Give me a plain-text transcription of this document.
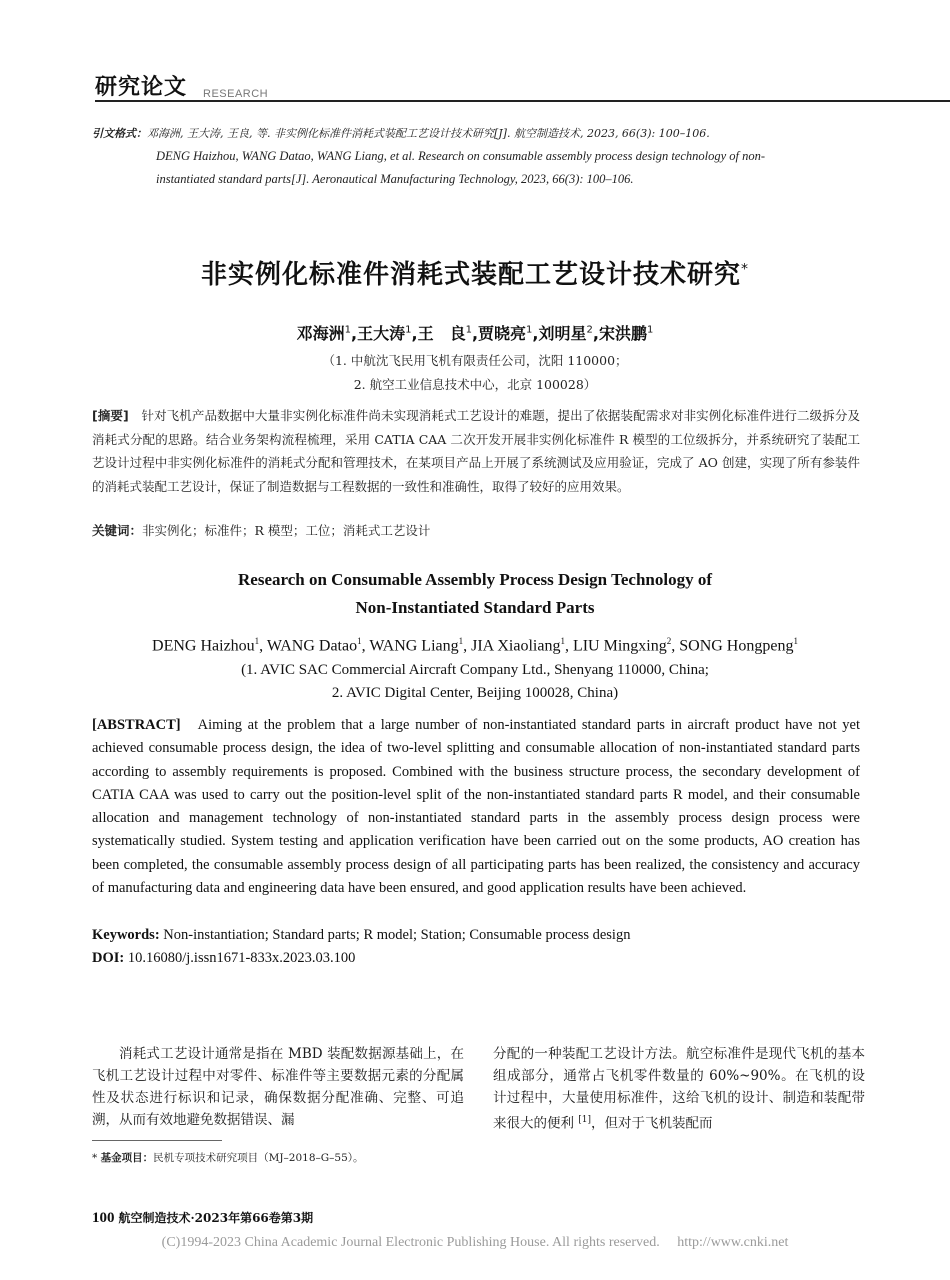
研究论文 RESEARCH
引文格式：邓海洲, 王大涛, 王良, 等. 非实例化标准件消耗式装配工艺设计技术研究[J]. 航空制造技术, 2023, 66(3): 100–106.
DENG Haizhou, WANG Datao, WANG Liang, et al. Research on consumable assembly process design technology of non-
instantiated standard parts[J]. Aeronautical Manufacturing Technology, 2023, 66(3): 100–106.
非实例化标准件消耗式装配工艺设计技术研究*
邓海洲$^1$,王大涛$^1$,王　良$^1$,贾晓亮$^1$,刘明星$^2$,宋洪鹏$^1$
（1. 中航沈飞民用飞机有限责任公司，沈阳 110000；
2. 航空工业信息技术中心，北京 100028）
[摘要]　 针对飞机产品数据中大量非实例化标准件尚未实现消耗式工艺设计的难题，提出了依据装配需求对非实例化标准件进行二级拆分及消耗式分配的思路。结合业务架构流程梳理，采用 CATIA CAA 二次开发开展非实例化标准件 R 模型的工位级拆分，并系统研究了装配工艺设计过程中非实例化标准件的消耗式分配和管理技术，在某项目产品上开展了系统测试及应用验证，完成了 AO 创建，实现了所有参装件的消耗式装配工艺设计，保证了制造数据与工程数据的一致性和准确性，取得了较好的应用效果。
关键词：非实例化；标准件；R 模型；工位；消耗式工艺设计
Research on Consumable Assembly Process Design Technology of
Non-Instantiated Standard Parts
DENG Haizhou$^1$, WANG Datao$^1$, WANG Liang$^1$, JIA Xiaoliang$^1$, LIU Mingxing$^2$, SONG Hongpeng$^1$
(1. AVIC SAC Commercial Aircraft Company Ltd., Shenyang 110000, China;
2. AVIC Digital Center, Beijing 100028, China)
[ABSTRACT] Aiming at the problem that a large number of non-instantiated standard parts in aircraft product have not yet achieved consumable process design, the idea of two-level splitting and consumable allocation of non-instantiated standard parts according to assembly requirements is proposed. Combined with the business structure process, the secondary development of CATIA CAA was used to carry out the position-level split of the non-instantiated standard parts R model, and their consumable allocation and management technology of non-instantiated standard parts in the assembly process design process were systematically studied. System testing and application verification have been carried out on the some products, AO creation has been completed, the consumable assembly process design of all participating parts has been realized, the consistency and accuracy of manufacturing data and engineering data have been ensured, and good application results have been achieved.
Keywords: Non-instantiation; Standard parts; R model; Station; Consumable process design
DOI: 10.16080/j.issn1671-833x.2023.03.100

消耗式工艺设计通常是指在 MBD 装配数据源基础上，在飞机工艺设计过程中对零件、标准件等主要数据元素的分配属性及状态进行标识和记录，确保数据分配准确、完整、可追溯，从而有效地避免数据错误、漏

分配的一种装配工艺设计方法。航空标准件是现代飞机的基本组成部分，通常占飞机零件数量的 60%~90%。在飞机的设计过程中，大量使用标准件，这给飞机的设计、制造和装配带来很大的便利 [1]，但对于飞机装配而

* 基金项目：民机专项技术研究项目（MJ–2018–G–55）。
100 航空制造技术·2023年第66卷第3期
(C)1994-2023 China Academic Journal Electronic Publishing House. All rights reserved. http://www.cnki.net
